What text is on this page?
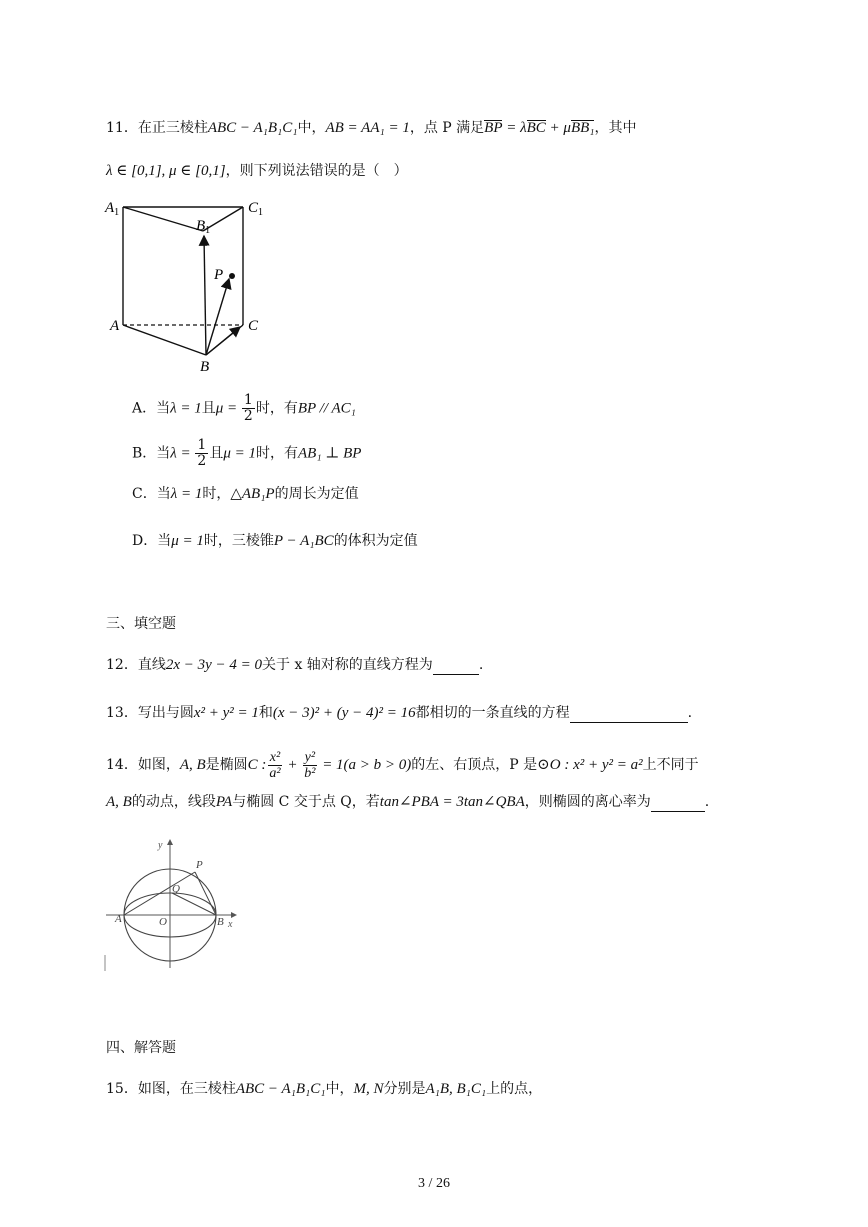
11．在正三棱柱ABC − A₁B₁C₁中，AB = AA₁ = 1，点 P 满足BP = λBC + μBB₁，其中
λ ∈ [0,1], μ ∈ [0,1]，则下列说法错误的是（　）
$A_1$
$B_1$
$C_1$
P
A	C
B
A．当λ = 1且$\mu = \frac{1}{2}$ 时，有BP // AC₁
B．当$\lambda = \frac{1}{2}$ 且μ = 1时，有AB₁ ⊥ BP
C．当λ = 1时，△AB₁P的周长为定值
D．当μ = 1时，三棱锥P − A₁BC的体积为定值
三、填空题
12．直线2x − 3y − 4 = 0关于 x 轴对称的直线方程为	.
13．写出与圆x² + y² = 1和(x − 3)² + (y − 4)² = 16都相切的一条直线的方程	.
14．如图，A, B是椭圆C : $\frac{\text{x²}}{\text{a²}} + \frac{\text{y²}}{\text{b²}} = 1(a > b > 0)$的左、右顶点，P 是⊙O : x² + y² = a²上不同于
A, B的动点，线段PA与椭圆 C 交于点 Q，若tan∠PBA = 3tan∠QBA，则椭圆的离心率为	.
y
x
P
Q
A	O	B
四、解答题
15．如图，在三棱柱ABC − A₁B₁C₁中，M, N分别是A₁B, B₁C₁上的点，
3 / 26
